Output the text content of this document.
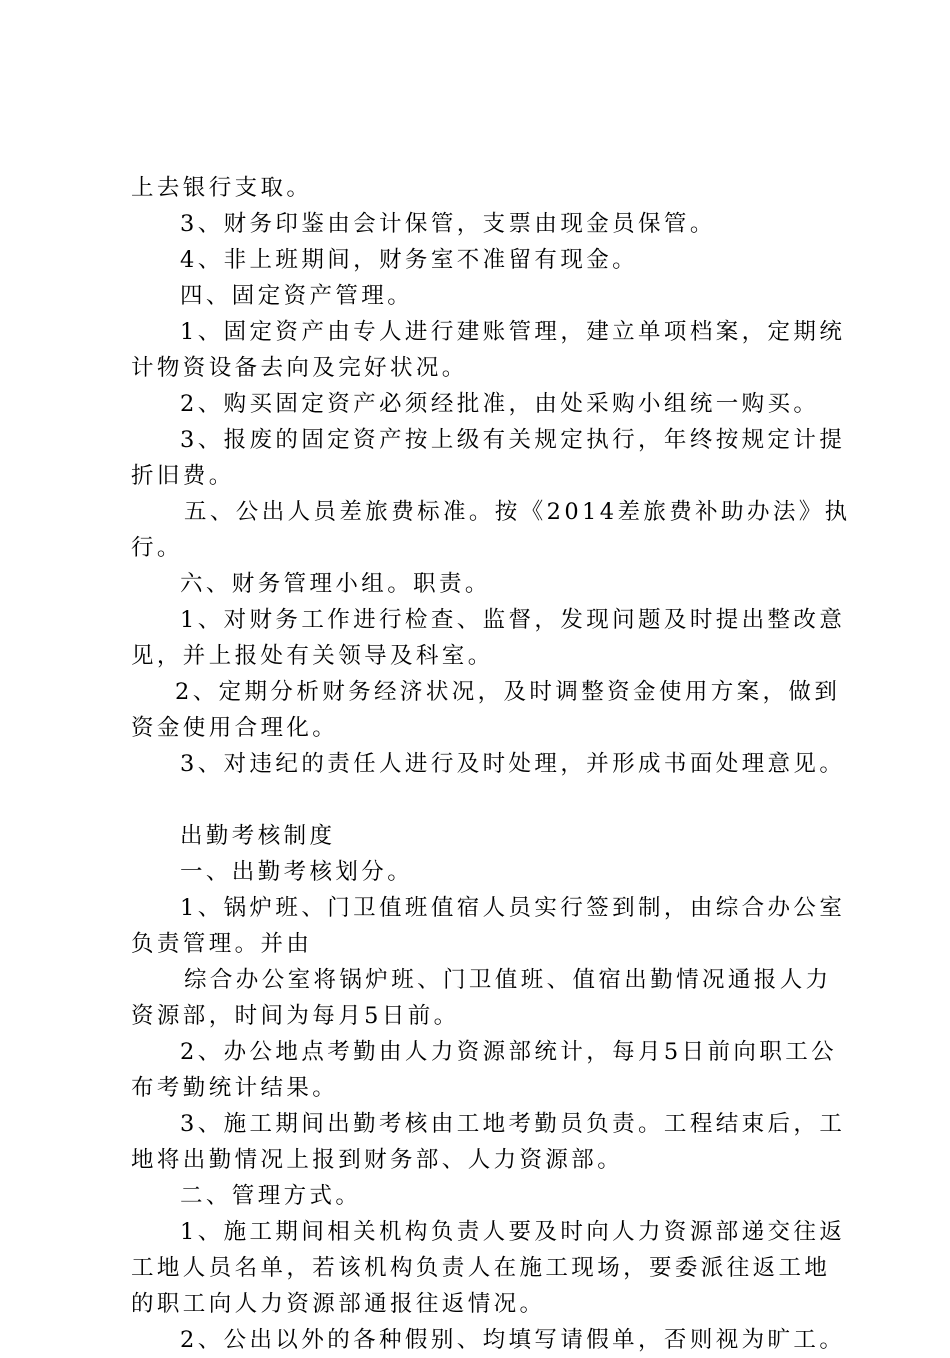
上去银行支取。
3、财务印鉴由会计保管，支票由现金员保管。
4、非上班期间，财务室不准留有现金。
四、固定资产管理。
1、固定资产由专人进行建账管理，建立单项档案，定期统
计物资设备去向及完好状况。
2、购买固定资产必须经批准，由处采购小组统一购买。
3、报废的固定资产按上级有关规定执行，年终按规定计提
折旧费。
五、公出人员差旅费标准。按《2014差旅费补助办法》执
行。
六、财务管理小组。职责。
1、对财务工作进行检查、监督，发现问题及时提出整改意
见，并上报处有关领导及科室。
2、定期分析财务经济状况，及时调整资金使用方案，做到
资金使用合理化。
3、对违纪的责任人进行及时处理，并形成书面处理意见。
出勤考核制度
一、出勤考核划分。
1、锅炉班、门卫值班值宿人员实行签到制，由综合办公室
负责管理。并由
综合办公室将锅炉班、门卫值班、值宿出勤情况通报人力
资源部，时间为每月5日前。
2、办公地点考勤由人力资源部统计，每月5日前向职工公
布考勤统计结果。
3、施工期间出勤考核由工地考勤员负责。工程结束后，工
地将出勤情况上报到财务部、人力资源部。
二、管理方式。
1、施工期间相关机构负责人要及时向人力资源部递交往返
工地人员名单，若该机构负责人在施工现场，要委派往返工地
的职工向人力资源部通报往返情况。
2、公出以外的各种假别、均填写请假单，否则视为旷工。
